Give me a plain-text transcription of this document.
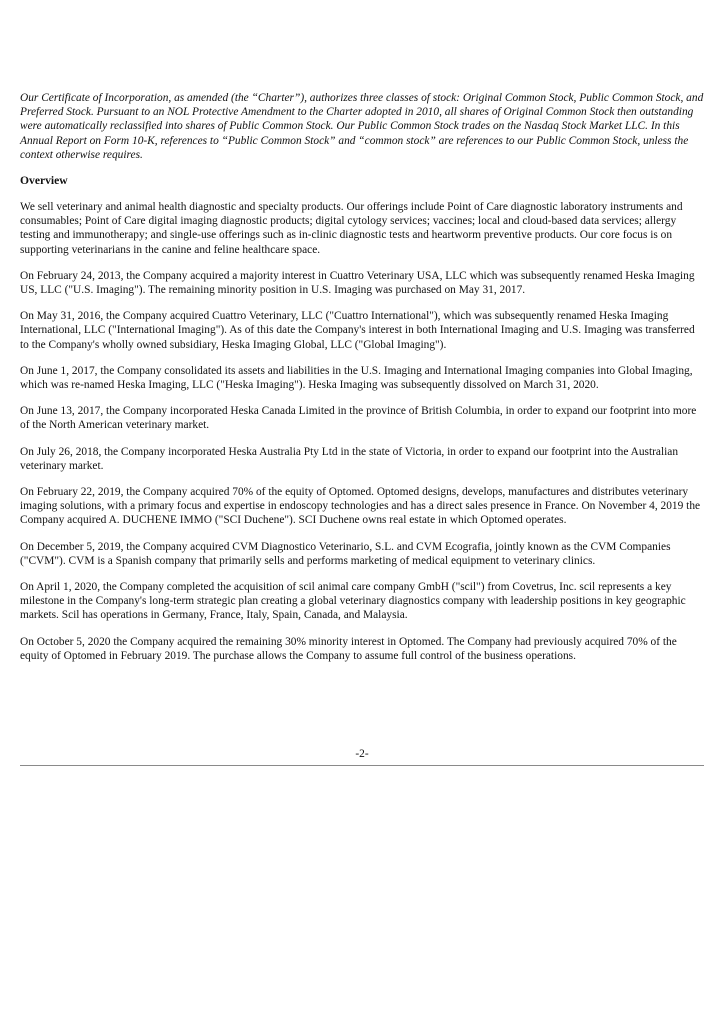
Our Certificate of Incorporation, as amended (the “Charter”), authorizes three classes of stock: Original Common Stock, Public Common Stock, and Preferred Stock. Pursuant to an NOL Protective Amendment to the Charter adopted in 2010, all shares of Original Common Stock then outstanding were automatically reclassified into shares of Public Common Stock. Our Public Common Stock trades on the Nasdaq Stock Market LLC. In this Annual Report on Form 10-K, references to “Public Common Stock” and “common stock” are references to our Public Common Stock, unless the context otherwise requires.

Overview

We sell veterinary and animal health diagnostic and specialty products. Our offerings include Point of Care diagnostic laboratory instruments and consumables; Point of Care digital imaging diagnostic products; digital cytology services; vaccines; local and cloud-based data services; allergy testing and immunotherapy; and single-use offerings such as in-clinic diagnostic tests and heartworm preventive products. Our core focus is on supporting veterinarians in the canine and feline healthcare space.

On February 24, 2013, the Company acquired a majority interest in Cuattro Veterinary USA, LLC which was subsequently renamed Heska Imaging US, LLC ("U.S. Imaging"). The remaining minority position in U.S. Imaging was purchased on May 31, 2017.

On May 31, 2016, the Company acquired Cuattro Veterinary, LLC ("Cuattro International"), which was subsequently renamed Heska Imaging International, LLC ("International Imaging"). As of this date the Company's interest in both International Imaging and U.S. Imaging was transferred to the Company's wholly owned subsidiary, Heska Imaging Global, LLC ("Global Imaging").

On June 1, 2017, the Company consolidated its assets and liabilities in the U.S. Imaging and International Imaging companies into Global Imaging, which was re-named Heska Imaging, LLC ("Heska Imaging"). Heska Imaging was subsequently dissolved on March 31, 2020.

On June 13, 2017, the Company incorporated Heska Canada Limited in the province of British Columbia, in order to expand our footprint into more of the North American veterinary market.

On July 26, 2018, the Company incorporated Heska Australia Pty Ltd in the state of Victoria, in order to expand our footprint into the Australian veterinary market.

On February 22, 2019, the Company acquired 70% of the equity of Optomed. Optomed designs, develops, manufactures and distributes veterinary imaging solutions, with a primary focus and expertise in endoscopy technologies and has a direct sales presence in France. On November 4, 2019 the Company acquired A. DUCHENE IMMO ("SCI Duchene"). SCI Duchene owns real estate in which Optomed operates.

On December 5, 2019, the Company acquired CVM Diagnostico Veterinario, S.L. and CVM Ecografia, jointly known as the CVM Companies ("CVM"). CVM is a Spanish company that primarily sells and performs marketing of medical equipment to veterinary clinics.

On April 1, 2020, the Company completed the acquisition of scil animal care company GmbH ("scil") from Covetrus, Inc. scil represents a key milestone in the Company's long-term strategic plan creating a global veterinary diagnostics company with leadership positions in key geographic markets. Scil has operations in Germany, France, Italy, Spain, Canada, and Malaysia.

On October 5, 2020 the Company acquired the remaining 30% minority interest in Optomed. The Company had previously acquired 70% of the equity of Optomed in February 2019. The purchase allows the Company to assume full control of the business operations.

-2-
